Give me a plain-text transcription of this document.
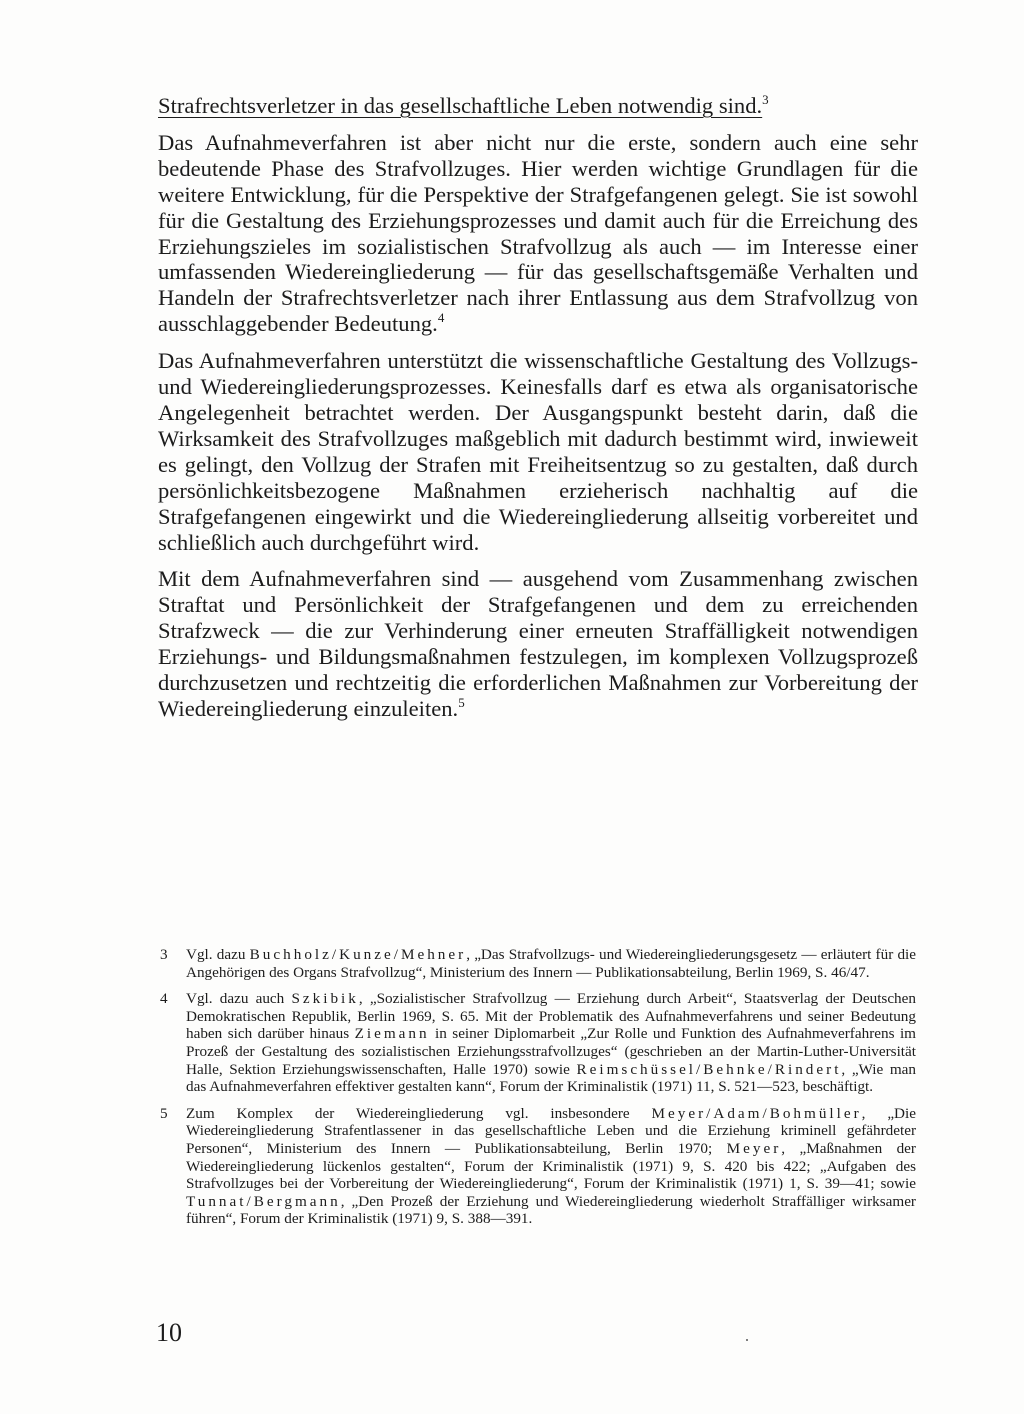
Strafrechtsverletzer in das gesellschaftliche Leben notwendig sind.$^3$

Das Aufnahmeverfahren ist aber nicht nur die erste, sondern auch eine sehr bedeutende Phase des Strafvollzuges. Hier werden wichtige Grundlagen für die weitere Entwicklung, für die Perspektive der Strafgefangenen gelegt. Sie ist sowohl für die Gestaltung des Erziehungsprozesses und damit auch für die Erreichung des Erziehungszieles im sozialistischen Strafvollzug als auch — im Interesse einer umfassenden Wiedereingliederung — für das gesellschaftsgemäße Verhalten und Handeln der Strafrechtsverletzer nach ihrer Entlassung aus dem Strafvollzug von ausschlaggebender Bedeutung.$^4$

Das Aufnahmeverfahren unterstützt die wissenschaftliche Gestaltung des Vollzugs- und Wiedereingliederungsprozesses. Keinesfalls darf es etwa als organisatorische Angelegenheit betrachtet werden. Der Ausgangspunkt besteht darin, daß die Wirksamkeit des Strafvollzuges maßgeblich mit dadurch bestimmt wird, inwieweit es gelingt, den Vollzug der Strafen mit Freiheitsentzug so zu gestalten, daß durch persönlichkeitsbezogene Maßnahmen erzieherisch nachhaltig auf die Strafgefangenen eingewirkt und die Wiedereingliederung allseitig vorbereitet und schließlich auch durchgeführt wird.

Mit dem Aufnahmeverfahren sind — ausgehend vom Zusammenhang zwischen Straftat und Persönlichkeit der Strafgefangenen und dem zu erreichenden Strafzweck — die zur Verhinderung einer erneuten Straffälligkeit notwendigen Erziehungs- und Bildungsmaßnahmen festzulegen, im komplexen Vollzugsprozeß durchzusetzen und rechtzeitig die erforderlichen Maßnahmen zur Vorbereitung der Wiedereingliederung einzuleiten.$^5$

3 Vgl. dazu Buchholz/Kunze/Mehner, „Das Strafvollzugs- und Wiedereingliederungsgesetz — erläutert für die Angehörigen des Organs Strafvollzug“, Ministerium des Innern — Publikationsabteilung, Berlin 1969, S. 46/47.

4 Vgl. dazu auch Szkibik, „Sozialistischer Strafvollzug — Erziehung durch Arbeit“, Staatsverlag der Deutschen Demokratischen Republik, Berlin 1969, S. 65. Mit der Problematik des Aufnahmeverfahrens und seiner Bedeutung haben sich darüber hinaus Ziemann in seiner Diplomarbeit „Zur Rolle und Funktion des Aufnahmeverfahrens im Prozeß der Gestaltung des sozialistischen Erziehungsstrafvollzuges“ (geschrieben an der Martin-Luther-Universität Halle, Sektion Erziehungswissenschaften, Halle 1970) sowie Reimschüssel/Behnke/Rindert, „Wie man das Aufnahmeverfahren effektiver gestalten kann“, Forum der Kriminalistik (1971) 11, S. 521—523, beschäftigt.

5 Zum Komplex der Wiedereingliederung vgl. insbesondere Meyer/Adam/Bohmüller, „Die Wiedereingliederung Strafentlassener in das gesellschaftliche Leben und die Erziehung kriminell gefährdeter Personen“, Ministerium des Innern — Publikationsabteilung, Berlin 1970; Meyer, „Maßnahmen der Wiedereingliederung lückenlos gestalten“, Forum der Kriminalistik (1971) 9, S. 420 bis 422; „Aufgaben des Strafvollzuges bei der Vorbereitung der Wiedereingliederung“, Forum der Kriminalistik (1971) 1, S. 39—41; sowie Tunnat/Bergmann, „Den Prozeß der Erziehung und Wiedereingliederung wiederholt Straffälliger wirksamer führen“, Forum der Kriminalistik (1971) 9, S. 388—391.

10
